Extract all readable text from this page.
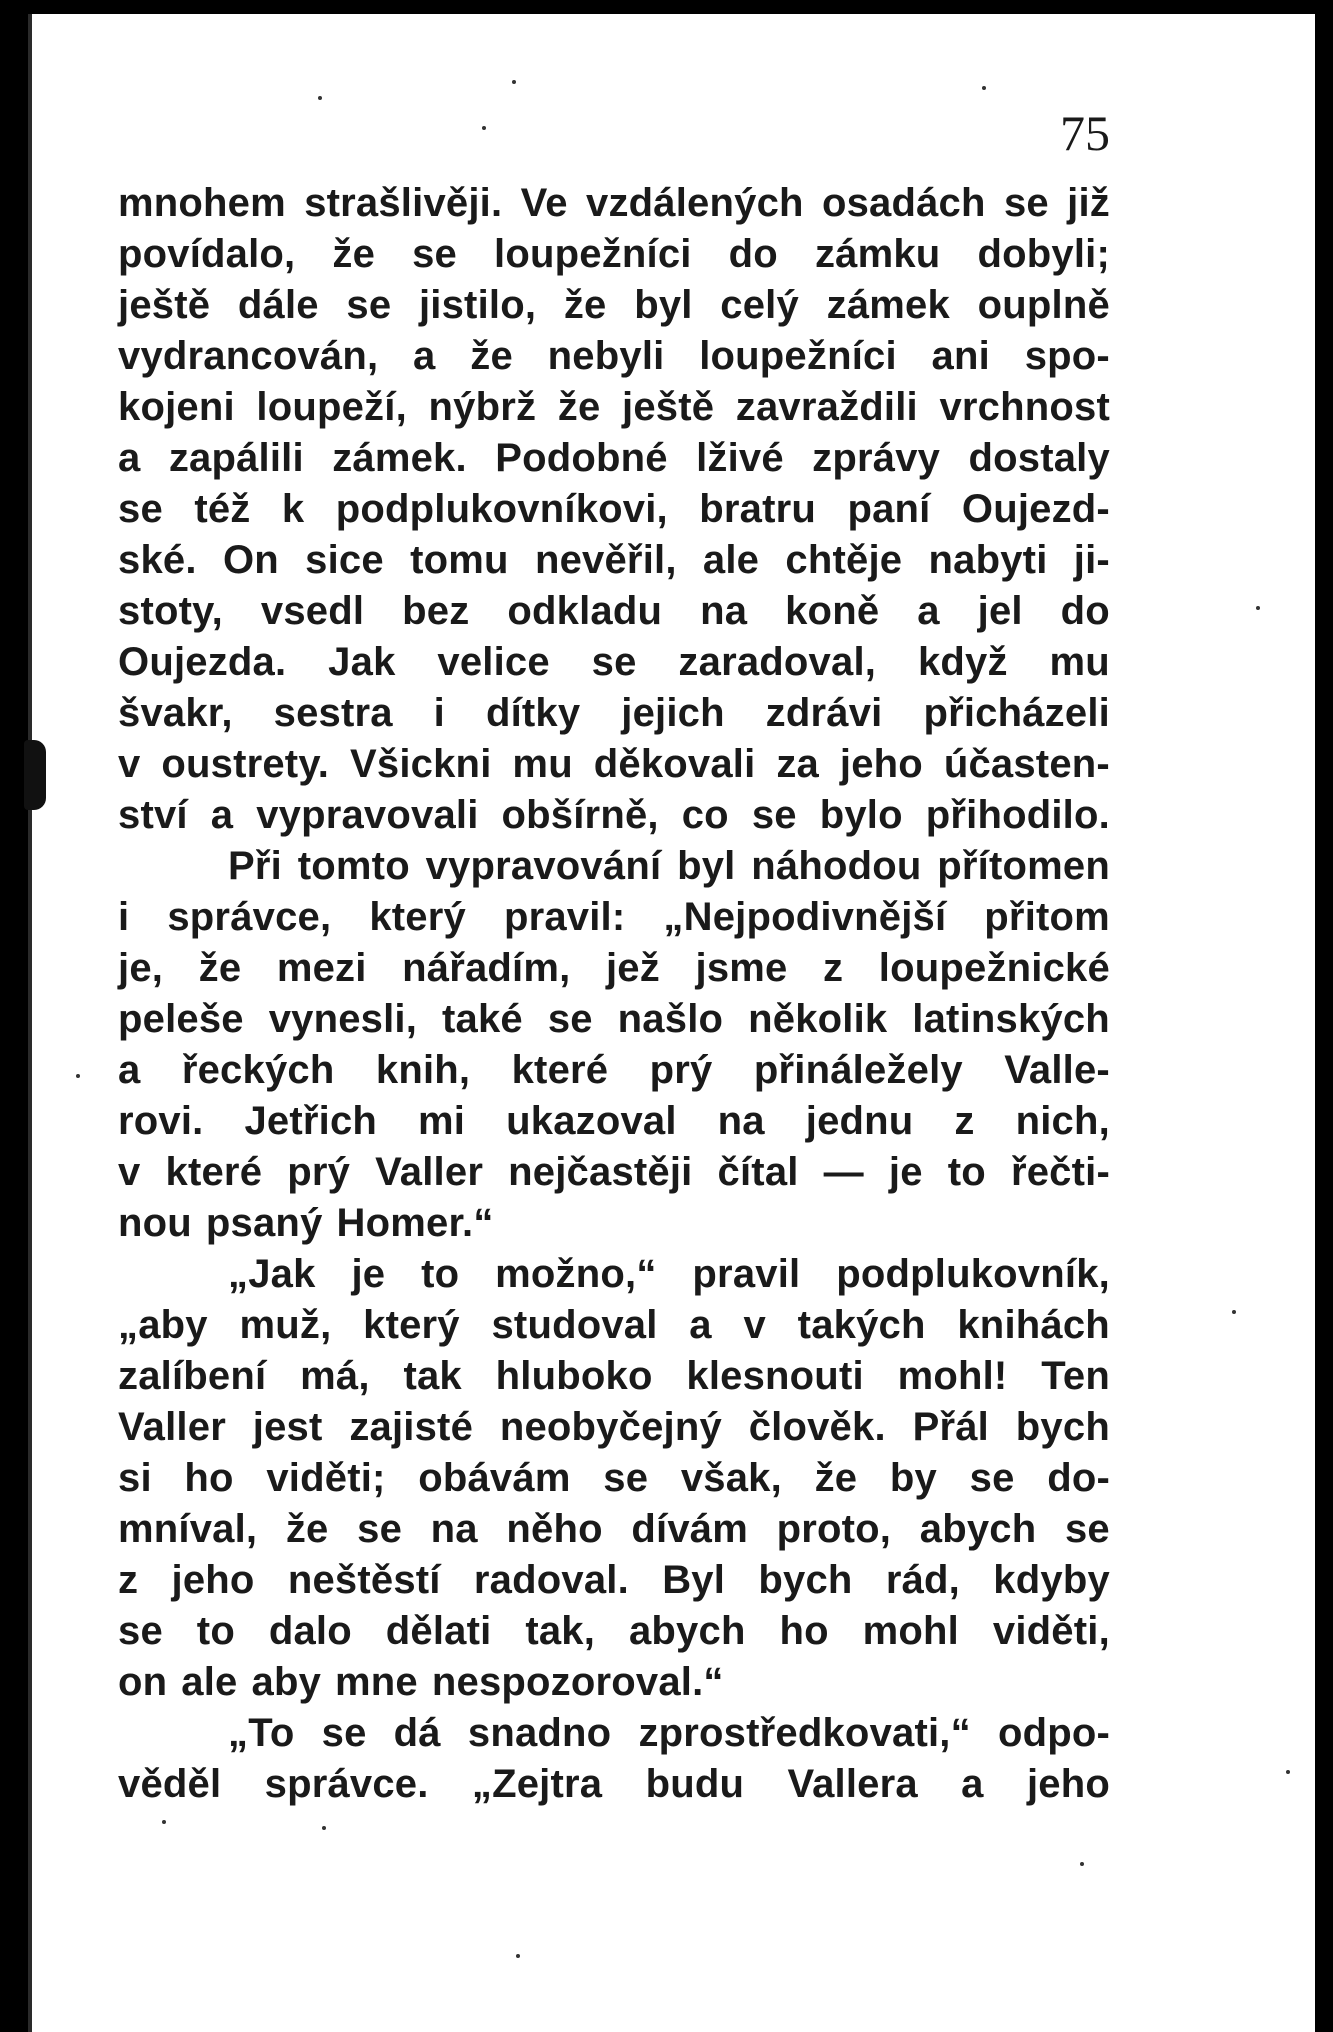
75
mnohem strašlivěji. Ve vzdálených osadách se již
povídalo, že se loupežníci do zámku dobyli;
ještě dále se jistilo, že byl celý zámek ouplně
vydrancován, a že nebyli loupežníci ani spo-
kojeni loupeží, nýbrž že ještě zavraždili vrchnost
a zapálili zámek. Podobné lživé zprávy dostaly
se též k podplukovníkovi, bratru paní Oujezd-
ské. On sice tomu nevěřil, ale chtěje nabyti ji-
stoty, vsedl bez odkladu na koně a jel do
Oujezda. Jak velice se zaradoval, když mu
švakr, sestra i dítky jejich zdrávi přicházeli
v oustrety. Všickni mu děkovali za jeho účasten-
ství a vypravovali obšírně, co se bylo přihodilo.
Při tomto vypravování byl náhodou přítomen
i správce, který pravil: „Nejpodivnější přitom
je, že mezi nářadím, jež jsme z loupežnické
peleše vynesli, také se našlo několik latinských
a řeckých knih, které prý přináležely Valle-
rovi. Jetřich mi ukazoval na jednu z nich,
v které prý Valler nejčastěji čítal — je to řečti-
nou psaný Homer.“
„Jak je to možno,“ pravil podplukovník,
„aby muž, který studoval a v takých knihách
zalíbení má, tak hluboko klesnouti mohl! Ten
Valler jest zajisté neobyčejný člověk. Přál bych
si ho viděti; obávám se však, že by se do-
mníval, že se na něho dívám proto, abych se
z jeho neštěstí radoval. Byl bych rád, kdyby
se to dalo dělati tak, abych ho mohl viděti,
on ale aby mne nespozoroval.“
„To se dá snadno zprostředkovati,“ odpo-
věděl správce. „Zejtra budu Vallera a jeho
